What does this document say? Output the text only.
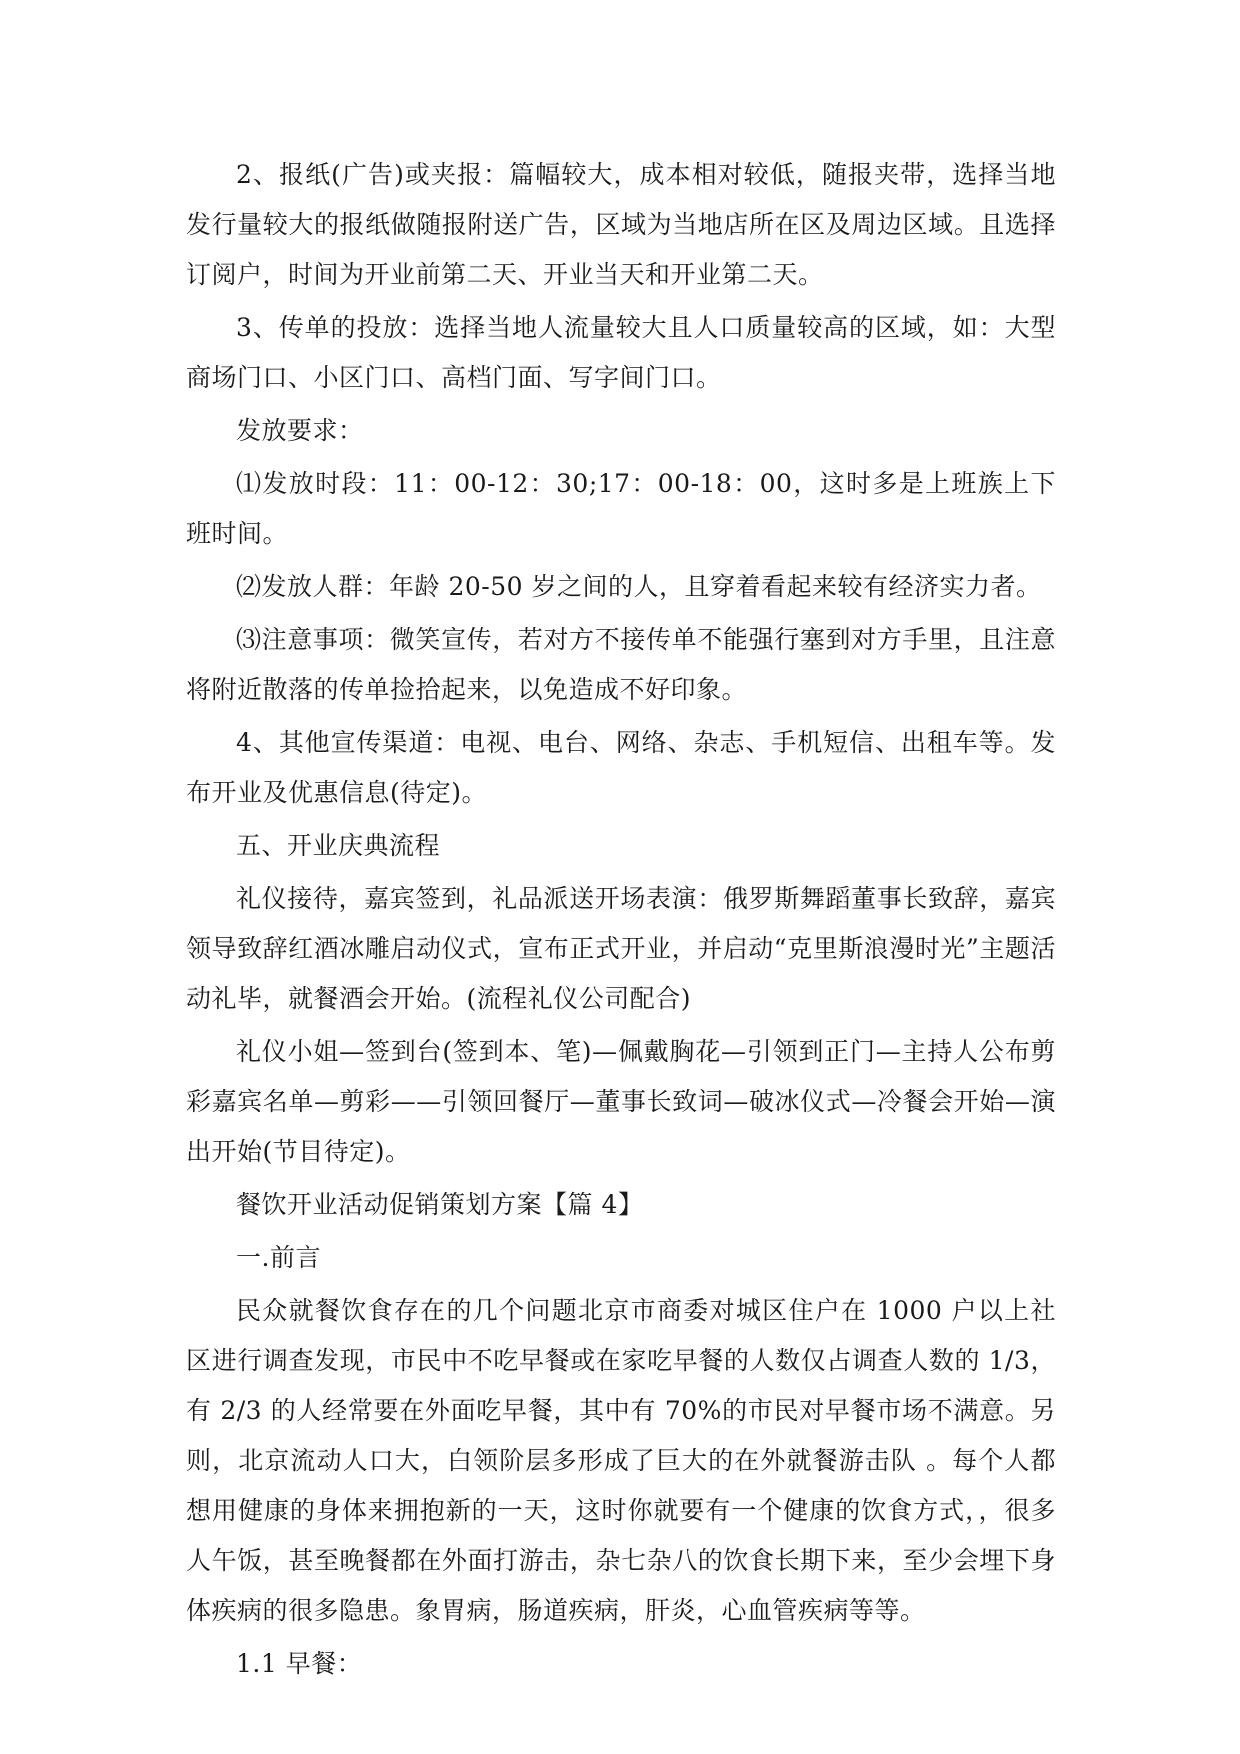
2、报纸(广告)或夹报：篇幅较大，成本相对较低，随报夹带，选择当地发行量较大的报纸做随报附送广告，区域为当地店所在区及周边区域。且选择订阅户，时间为开业前第二天、开业当天和开业第二天。

3、传单的投放：选择当地人流量较大且人口质量较高的区域，如：大型商场门口、小区门口、高档门面、写字间门口。

发放要求：

⑴发放时段：11：00-12：30;17：00-18：00，这时多是上班族上下班时间。

⑵发放人群：年龄 20-50 岁之间的人，且穿着看起来较有经济实力者。

⑶注意事项：微笑宣传，若对方不接传单不能强行塞到对方手里，且注意将附近散落的传单捡拾起来，以免造成不好印象。

4、其他宣传渠道：电视、电台、网络、杂志、手机短信、出租车等。发布开业及优惠信息(待定)。

五、开业庆典流程

礼仪接待，嘉宾签到，礼品派送开场表演：俄罗斯舞蹈董事长致辞，嘉宾领导致辞红酒冰雕启动仪式，宣布正式开业，并启动“克里斯浪漫时光”主题活动礼毕，就餐酒会开始。(流程礼仪公司配合)

礼仪小姐—签到台(签到本、笔)—佩戴胸花—引领到正门—主持人公布剪彩嘉宾名单—剪彩——引领回餐厅—董事长致词—破冰仪式—冷餐会开始—演出开始(节目待定)。

餐饮开业活动促销策划方案【篇 4】

一.前言

民众就餐饮食存在的几个问题北京市商委对城区住户在 1000 户以上社区进行调查发现，市民中不吃早餐或在家吃早餐的人数仅占调查人数的 1/3，有 2/3 的人经常要在外面吃早餐，其中有 70%的市民对早餐市场不满意。另则，北京流动人口大，白领阶层多形成了巨大的在外就餐游击队 。每个人都想用健康的身体来拥抱新的一天，这时你就要有一个健康的饮食方式，，很多人午饭，甚至晚餐都在外面打游击，杂七杂八的饮食长期下来，至少会埋下身体疾病的很多隐患。象胃病，肠道疾病，肝炎，心血管疾病等等。

1.1 早餐：
